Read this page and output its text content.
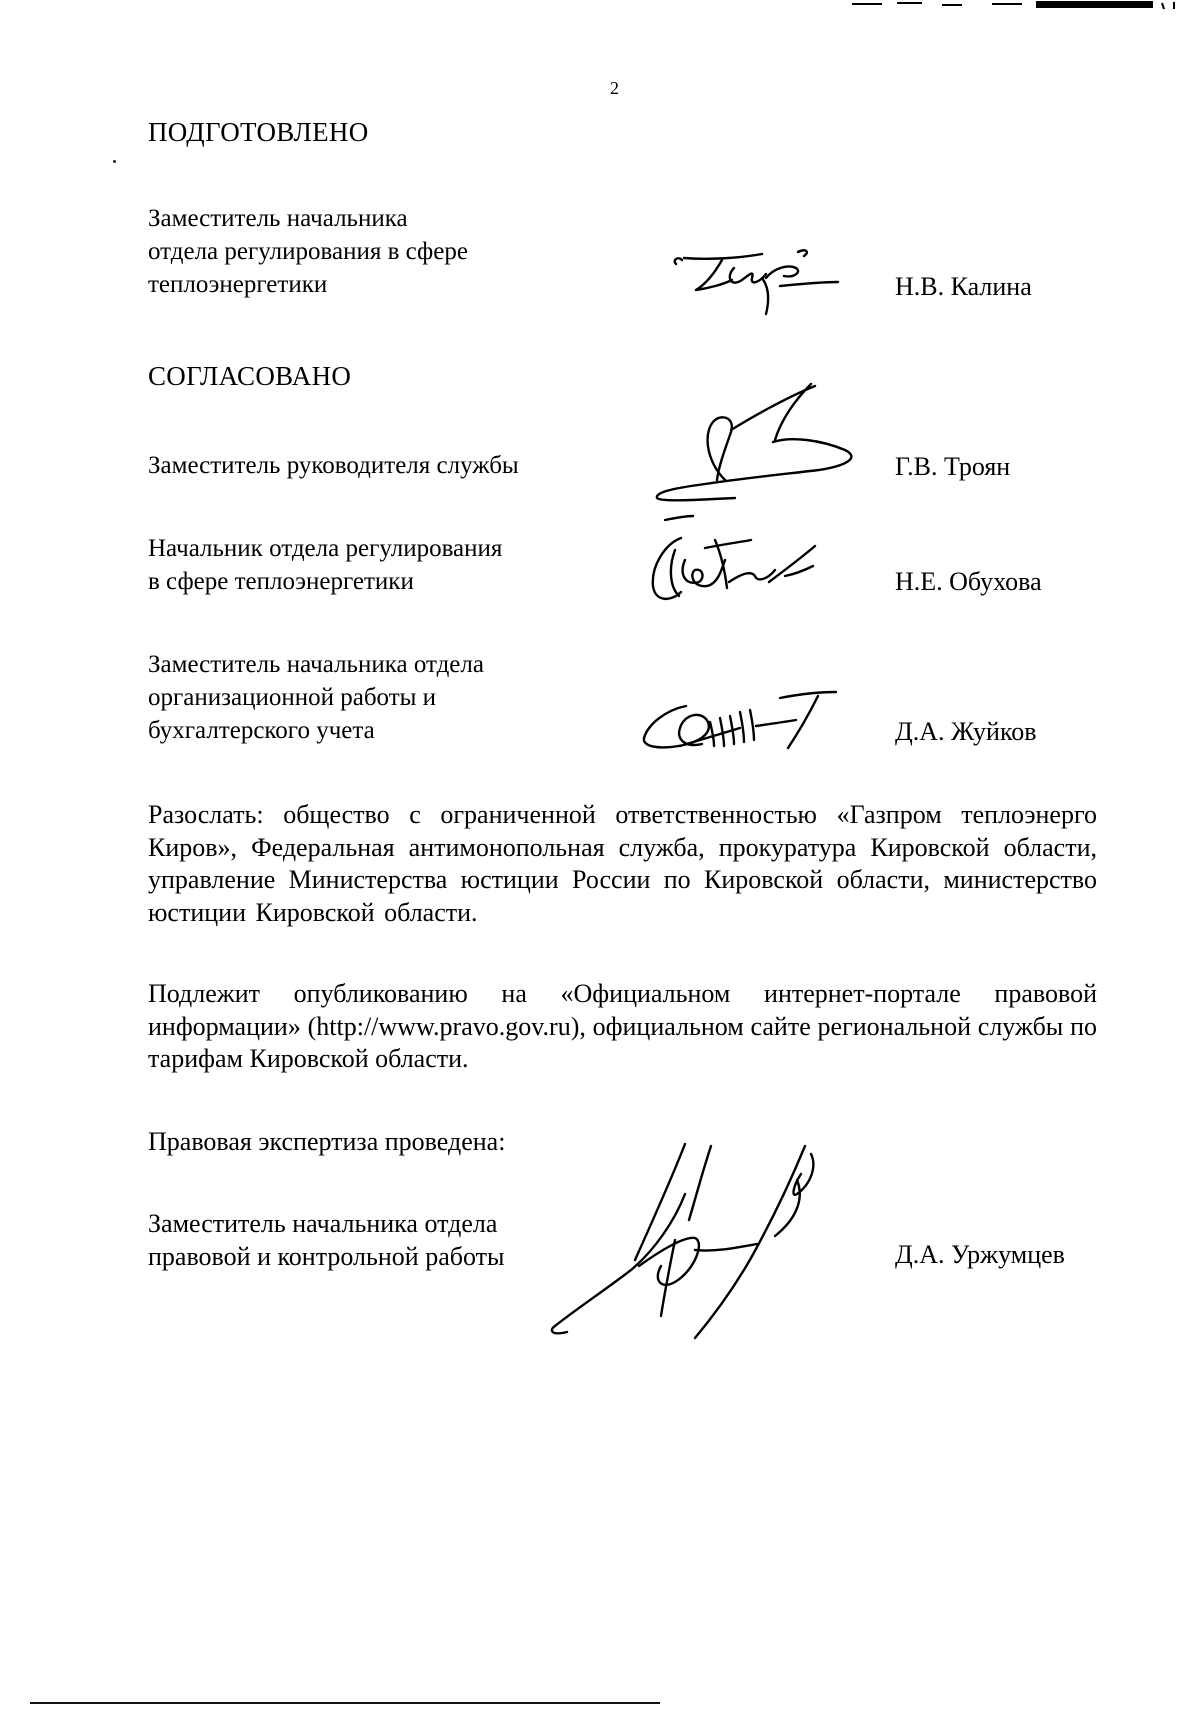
2
ПОДГОТОВЛЕНО
Заместитель начальника
отдела регулирования в сфере
теплоэнергетики	Н.В. Калина
СОГЛАСОВАНО
Заместитель руководителя службы	Г.В. Троян
Начальник отдела регулирования
в сфере теплоэнергетики	Н.Е. Обухова
Заместитель начальника отдела
организационной работы и
бухгалтерского учета	Д.А. Жуйков

Разослать: общество с ограниченной ответственностью «Газпром теплоэнерго Киров», Федеральная антимонопольная служба, прокуратура Кировской области, управление Министерства юстиции России по Кировской области, министерство юстиции Кировской области.

Подлежит опубликованию на «Официальном интернет-портале правовой информации» (http://www.pravo.gov.ru), официальном сайте региональной службы по тарифам Кировской области.

Правовая экспертиза проведена:
Заместитель начальника отдела
правовой и контрольной работы	Д.А. Уржумцев
